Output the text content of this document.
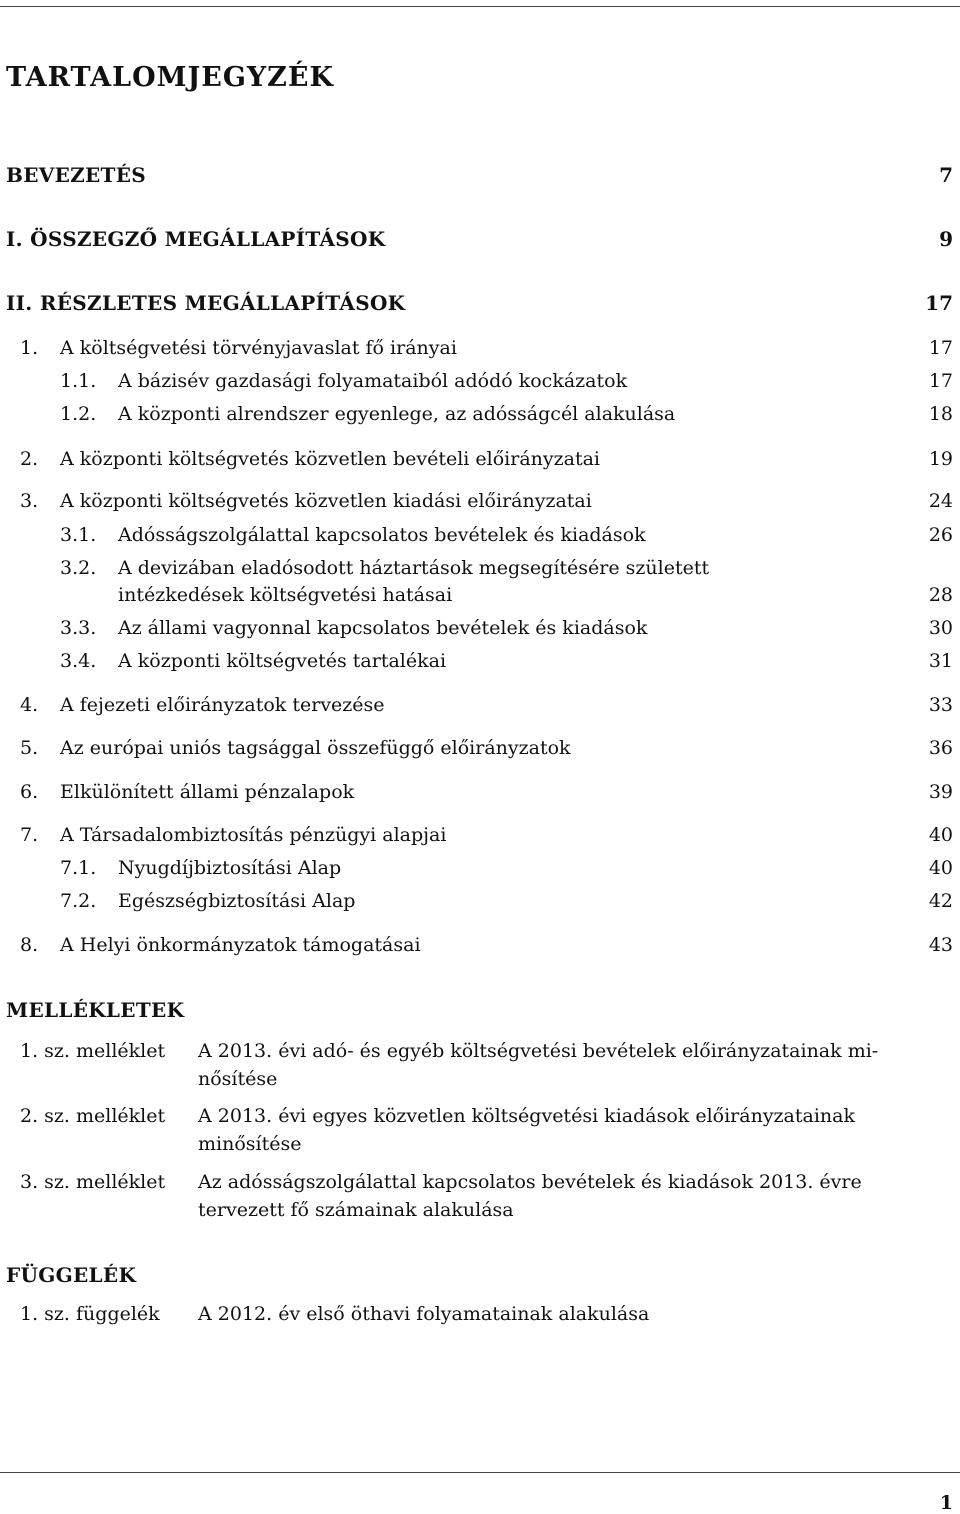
TARTALOMJEGYZÉK
BEVEZETÉS	7
I. ÖSSZEGZŐ MEGÁLLAPÍTÁSOK	9
II. RÉSZLETES MEGÁLLAPÍTÁSOK	17
1. A költségvetési törvényjavaslat fő irányai	17
1.1. A bázisév gazdasági folyamataiból adódó kockázatok	17
1.2. A központi alrendszer egyenlege, az adósságcél alakulása	18
2. A központi költségvetés közvetlen bevételi előirányzatai	19
3. A központi költségvetés közvetlen kiadási előirányzatai	24
3.1. Adósságszolgálattal kapcsolatos bevételek és kiadások	26
3.2. A devizában eladósodott háztartások megsegítésére született
intézkedések költségvetési hatásai	28
3.3. Az állami vagyonnal kapcsolatos bevételek és kiadások	30
3.4. A központi költségvetés tartalékai	31
4. A fejezeti előirányzatok tervezése	33
5. Az európai uniós tagsággal összefüggő előirányzatok	36
6. Elkülönített állami pénzalapok	39
7. A Társadalombiztosítás pénzügyi alapjai	40
7.1. Nyugdíjbiztosítási Alap	40
7.2. Egészségbiztosítási Alap	42
8. A Helyi önkormányzatok támogatásai	43
MELLÉKLETEK
1. sz. melléklet A 2013. évi adó- és egyéb költségvetési bevételek előirányzatainak mi-
nősítése
2. sz. melléklet A 2013. évi egyes közvetlen költségvetési kiadások előirányzatainak
minősítése
3. sz. melléklet Az adósságszolgálattal kapcsolatos bevételek és kiadások 2013. évre
tervezett fő számainak alakulása
FÜGGELÉK
1. sz. függelék A 2012. év első öthavi folyamatainak alakulása
1
